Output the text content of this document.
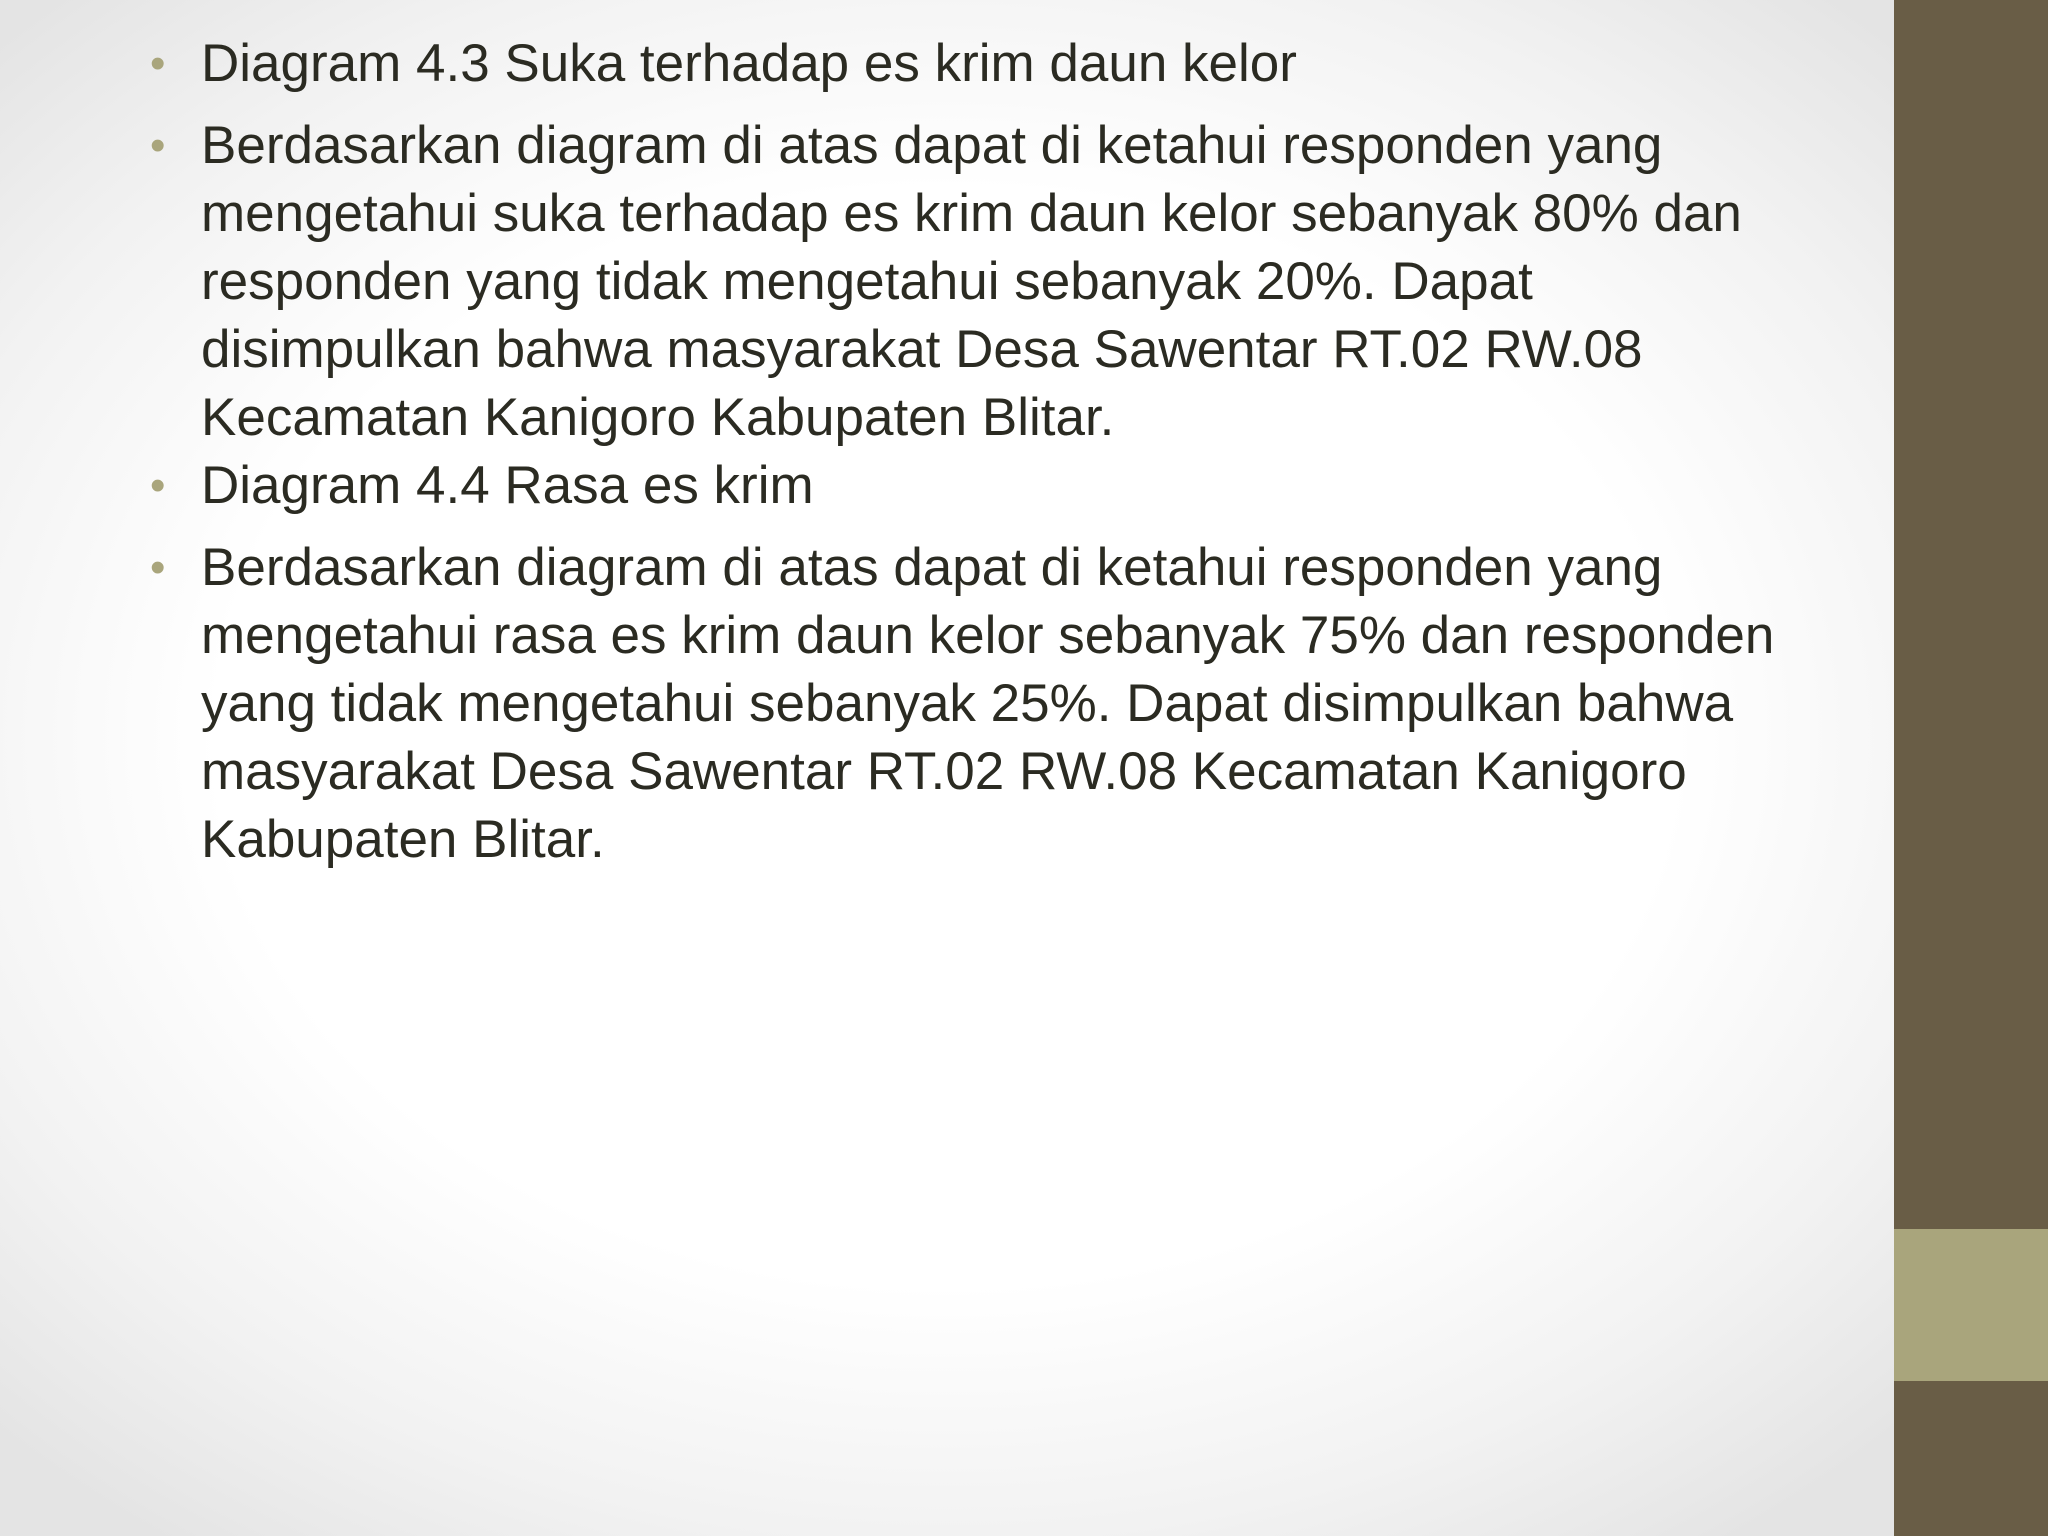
• Diagram 4.3 Suka terhadap es krim daun kelor
• Berdasarkan diagram di atas dapat di ketahui responden yang mengetahui suka terhadap es krim daun kelor sebanyak 80% dan responden yang tidak mengetahui sebanyak 20%. Dapat disimpulkan bahwa masyarakat Desa Sawentar RT.02 RW.08 Kecamatan Kanigoro Kabupaten Blitar.
• Diagram 4.4 Rasa es krim
• Berdasarkan diagram di atas dapat di ketahui responden yang mengetahui rasa es krim daun kelor sebanyak 75% dan responden yang tidak mengetahui sebanyak 25%. Dapat disimpulkan bahwa masyarakat Desa Sawentar RT.02 RW.08 Kecamatan Kanigoro Kabupaten Blitar.
